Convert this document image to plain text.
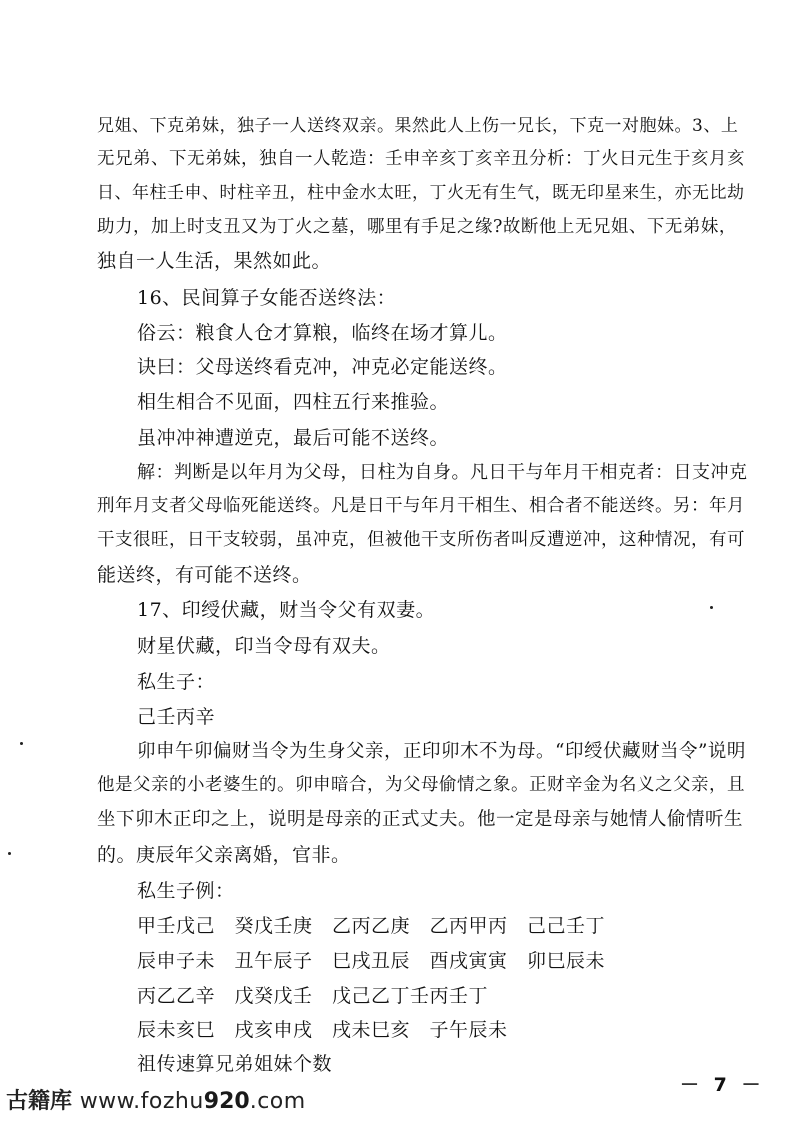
兄姐、下克弟妹，独子一人送终双亲。果然此人上伤一兄长，下克一对胞妹。3、上
无兄弟、下无弟妹，独自一人乾造：壬申辛亥丁亥辛丑分析：丁火日元生于亥月亥
日、年柱壬申、时柱辛丑，柱中金水太旺，丁火无有生气，既无印星来生，亦无比劫
助力，加上时支丑又为丁火之墓，哪里有手足之缘?故断他上无兄姐、下无弟妹，
独自一人生活，果然如此。
16、民间算子女能否送终法：
俗云：粮食人仓才算粮，临终在场才算儿。
诀曰：父母送终看克冲，冲克必定能送终。
相生相合不见面，四柱五行来推验。
虽冲冲神遭逆克，最后可能不送终。
解：判断是以年月为父母，日柱为自身。凡日干与年月干相克者：日支冲克
刑年月支者父母临死能送终。凡是日干与年月干相生、相合者不能送终。另：年月
干支很旺，日干支较弱，虽冲克，但被他干支所伤者叫反遭逆冲，这种情况，有可
能送终，有可能不送终。
17、印绶伏藏，财当令父有双妻。
财星伏藏，印当令母有双夫。
私生子：
己壬丙辛
卯申午卯偏财当令为生身父亲，正印卯木不为母。“印绶伏藏财当令”说明
他是父亲的小老婆生的。卯申暗合，为父母偷情之象。正财辛金为名义之父亲，且
坐下卯木正印之上，说明是母亲的正式丈夫。他一定是母亲与她情人偷情听生
的。庚辰年父亲离婚，官非。
私生子例：
甲壬戊己　癸戊壬庚　乙丙乙庚　乙丙甲丙　己己壬丁
辰申子未　丑午辰子　巳戌丑辰　酉戌寅寅　卯巳辰未
丙乙乙辛　戊癸戊壬　戊己乙丁壬丙壬丁
辰未亥巳　戌亥申戌　戌未巳亥　子午辰未
祖传速算兄弟姐妹个数
－ 7 －
古籍库 www.fozhu920.com
